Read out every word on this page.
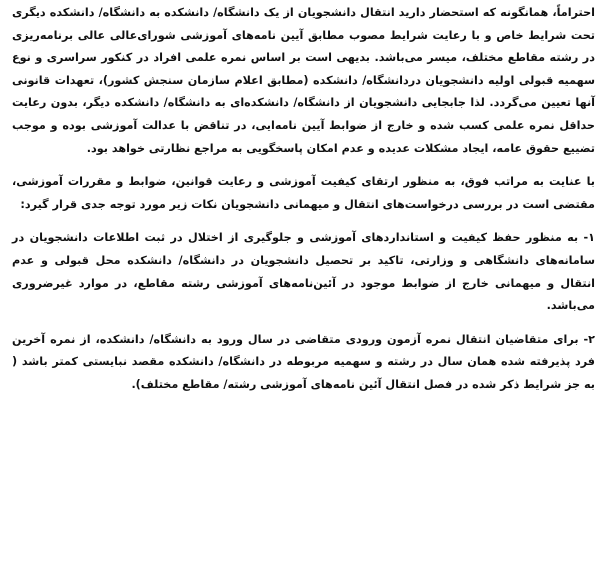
احتراماً، همانگونه که استحضار دارید انتقال دانشجویان از یک دانشگاه/ دانشکده به دانشگاه/ دانشکده دیگری تحت شرایط خاص و با رعایت شرایط مصوب مطابق آیین نامه‌های آموزشی شورای‌عالی عالی برنامه‌ریزی در رشته مقاطع مختلف، میسر می‌باشد. بدیهی است بر اساس نمره علمی افراد در کنکور سراسری و نوع سهمیه قبولی اولیه دانشجویان دردانشگاه/ دانشکده (مطابق اعلام سازمان سنجش کشور)، تعهدات قانونی آنها تعیین می‌گردد. لذا جابجایی دانشجویان از دانشگاه/ دانشکده‌ای به دانشگاه/ دانشکده دیگر، بدون رعایت حداقل نمره علمی کسب شده و خارج از ضوابط آیین نامه‌ایی، در تناقض با عدالت آموزشی بوده و موجب تضییع حقوق عامه، ایجاد مشکلات عدیده و عدم امکان پاسخگویی به مراجع نظارتی خواهد بود.

با عنایت به مراتب فوق، به منظور ارتقای کیفیت آموزشی و رعایت قوانین، ضوابط و مقررات آموزشی، مقتضی است در بررسی درخواست‌های انتقال و میهمانی دانشجویان نکات زیر مورد توجه جدی قرار گیرد:

۱- به منظور حفظ کیفیت و استانداردهای آموزشی و جلوگیری از اختلال در ثبت اطلاعات دانشجویان در سامانه‌های دانشگاهی و وزارتی، تاکید بر تحصیل دانشجویان در دانشگاه/ دانشکده محل قبولی و عدم انتقال و میهمانی خارج از ضوابط موجود در آئین‌نامه‌های آموزشی رشته مقاطع، در موارد غیرضروری می‌باشد.

۲- برای متقاضیان انتقال نمره آزمون ورودی متقاضی در سال ورود به دانشگاه/ دانشکده، از نمره آخرین فرد پذیرفته شده همان سال در رشته و سهمیه مربوطه در دانشگاه/ دانشکده مقصد نبایستی کمتر باشد ( به جز شرایط ذکر شده در فصل انتقال آئین نامه‌های آموزشی رشته/ مقاطع مختلف).
